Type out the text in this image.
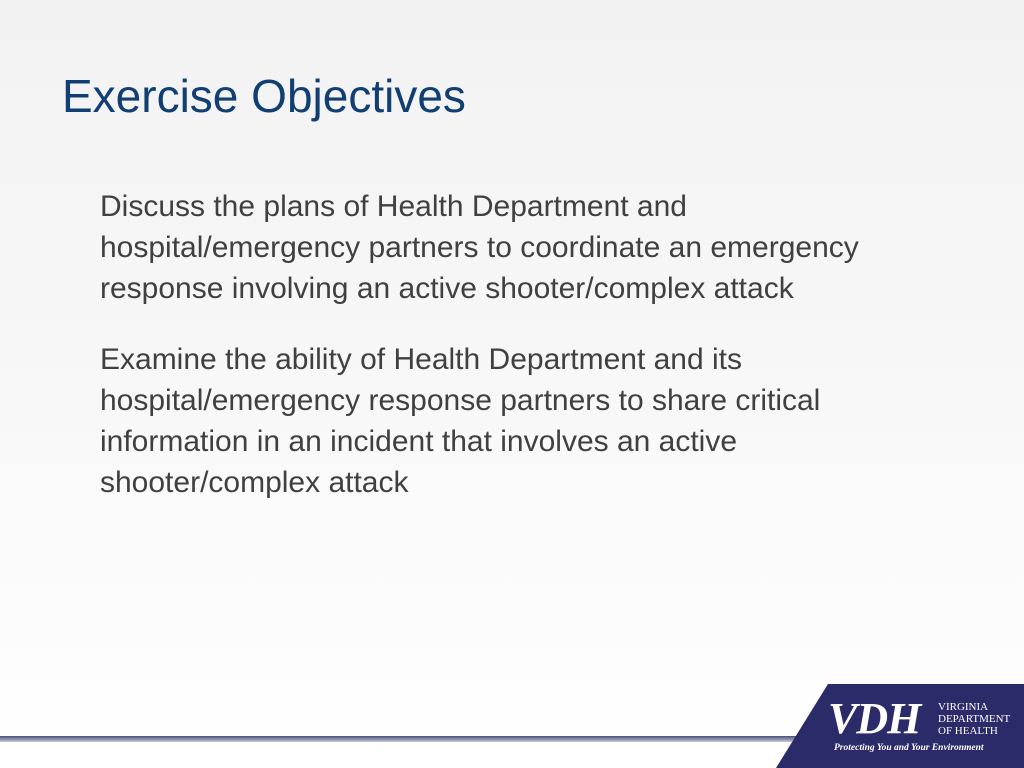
Exercise Objectives

Discuss the plans of Health Department and hospital/emergency partners to coordinate an emergency response involving an active shooter/complex attack

Examine the ability of Health Department and its hospital/emergency response partners to share critical information in an incident that involves an active shooter/complex attack

VDH VIRGINIA
DEPARTMENT
OF HEALTH
Protecting You and Your Environment
